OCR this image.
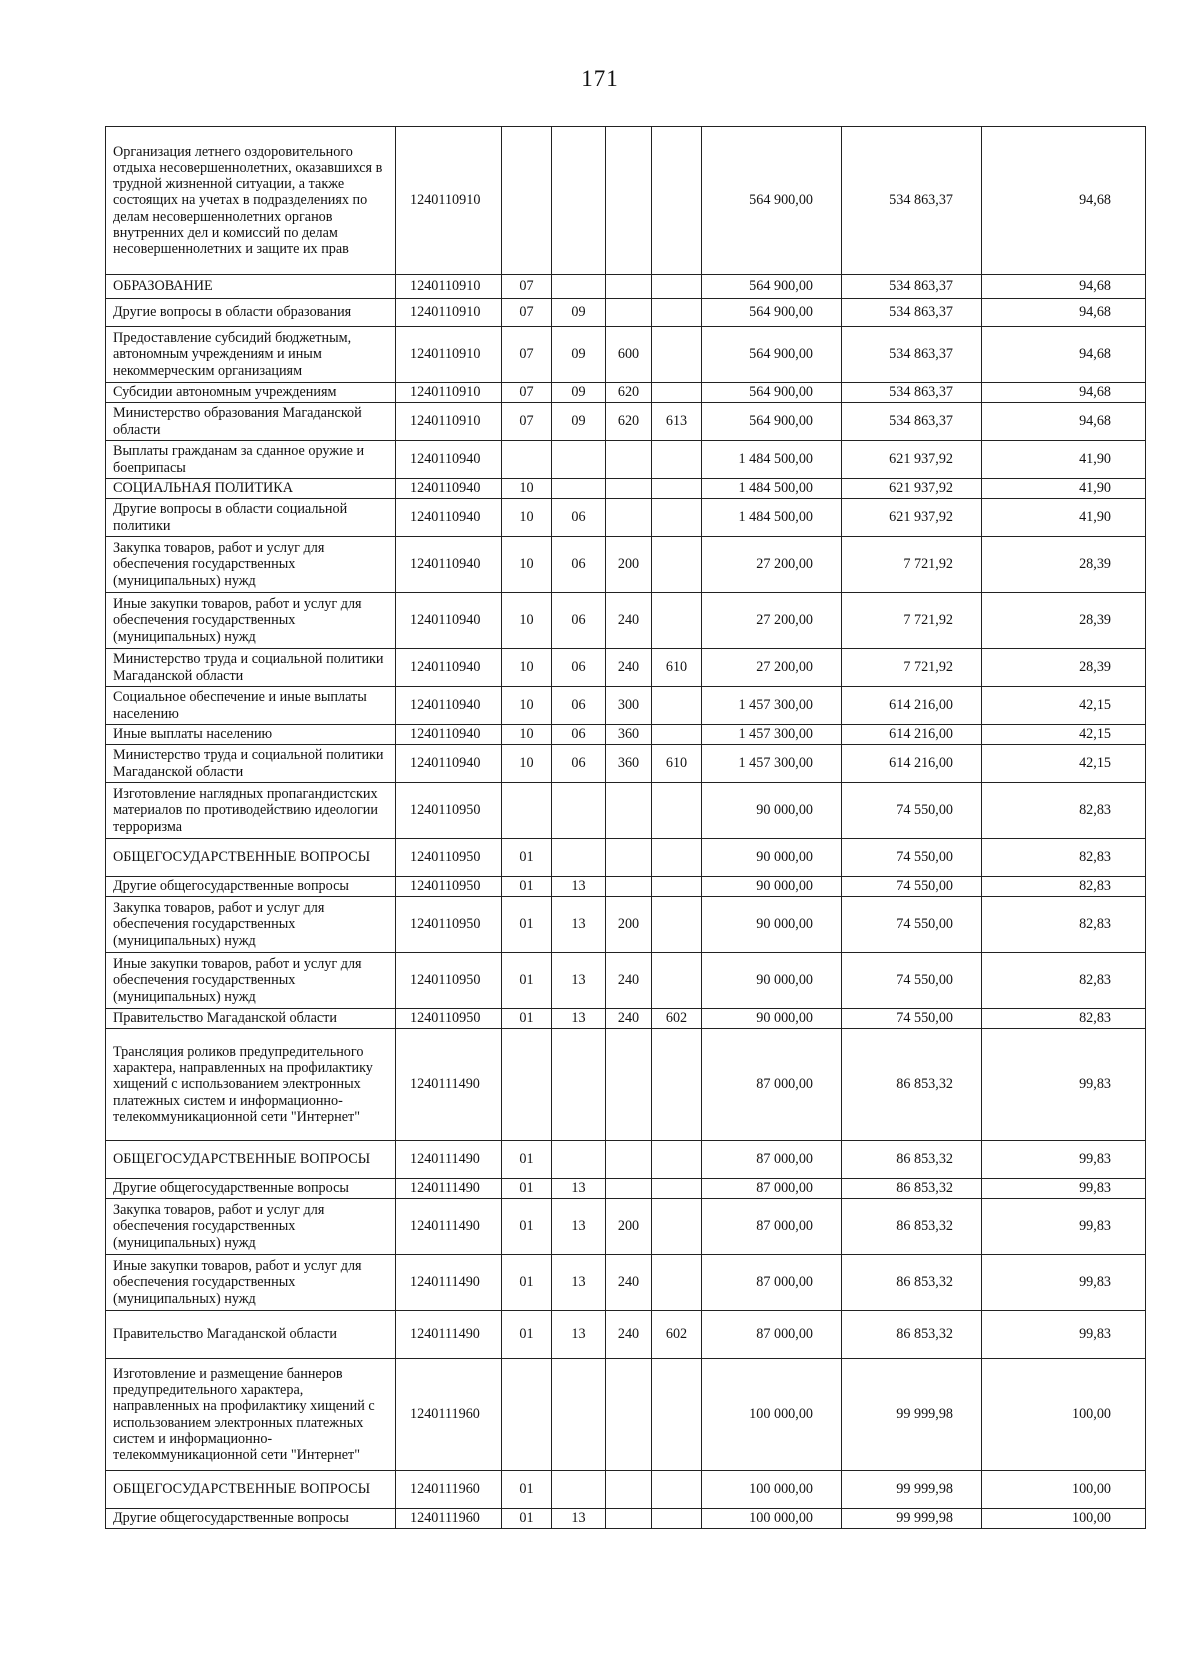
171
Организация летнего оздоровительного отдыха несовершеннолетних, оказавшихся в трудной жизненной ситуации, а также состоящих на учетах в подразделениях по делам несовершеннолетних органов внутренних дел и комиссий по делам несовершеннолетних и защите их прав	1240110910					564 900,00	534 863,37	94,68
ОБРАЗОВАНИЕ	1240110910	07				564 900,00	534 863,37	94,68
Другие вопросы в области образования	1240110910	07	09			564 900,00	534 863,37	94,68
Предоставление субсидий бюджетным, автономным учреждениям и иным некоммерческим организациям	1240110910	07	09	600		564 900,00	534 863,37	94,68
Субсидии автономным учреждениям	1240110910	07	09	620		564 900,00	534 863,37	94,68
Министерство образования Магаданской области	1240110910	07	09	620	613	564 900,00	534 863,37	94,68
Выплаты гражданам за сданное оружие и боеприпасы	1240110940					1 484 500,00	621 937,92	41,90
СОЦИАЛЬНАЯ ПОЛИТИКА	1240110940	10				1 484 500,00	621 937,92	41,90
Другие вопросы в области социальной политики	1240110940	10	06			1 484 500,00	621 937,92	41,90
Закупка товаров, работ и услуг для обеспечения государственных (муниципальных) нужд	1240110940	10	06	200		27 200,00	7 721,92	28,39
Иные закупки товаров, работ и услуг для обеспечения государственных (муниципальных) нужд	1240110940	10	06	240		27 200,00	7 721,92	28,39
Министерство труда и социальной политики Магаданской области	1240110940	10	06	240	610	27 200,00	7 721,92	28,39
Социальное обеспечение и иные выплаты населению	1240110940	10	06	300		1 457 300,00	614 216,00	42,15
Иные выплаты населению	1240110940	10	06	360		1 457 300,00	614 216,00	42,15
Министерство труда и социальной политики Магаданской области	1240110940	10	06	360	610	1 457 300,00	614 216,00	42,15
Изготовление наглядных пропагандистских материалов по противодействию идеологии терроризма	1240110950					90 000,00	74 550,00	82,83
ОБЩЕГОСУДАРСТВЕННЫЕ ВОПРОСЫ	1240110950	01				90 000,00	74 550,00	82,83
Другие общегосударственные вопросы	1240110950	01	13			90 000,00	74 550,00	82,83
Закупка товаров, работ и услуг для обеспечения государственных (муниципальных) нужд	1240110950	01	13	200		90 000,00	74 550,00	82,83
Иные закупки товаров, работ и услуг для обеспечения государственных (муниципальных) нужд	1240110950	01	13	240		90 000,00	74 550,00	82,83
Правительство Магаданской области	1240110950	01	13	240	602	90 000,00	74 550,00	82,83
Трансляция роликов предупредительного характера, направленных на профилактику хищений с использованием электронных платежных систем и информационно-телекоммуникационной сети "Интернет"	1240111490					87 000,00	86 853,32	99,83
ОБЩЕГОСУДАРСТВЕННЫЕ ВОПРОСЫ	1240111490	01				87 000,00	86 853,32	99,83
Другие общегосударственные вопросы	1240111490	01	13			87 000,00	86 853,32	99,83
Закупка товаров, работ и услуг для обеспечения государственных (муниципальных) нужд	1240111490	01	13	200		87 000,00	86 853,32	99,83
Иные закупки товаров, работ и услуг для обеспечения государственных (муниципальных) нужд	1240111490	01	13	240		87 000,00	86 853,32	99,83
Правительство Магаданской области	1240111490	01	13	240	602	87 000,00	86 853,32	99,83
Изготовление и размещение баннеров предупредительного характера, направленных на профилактику хищений с использованием электронных платежных систем и информационно-телекоммуникационной сети "Интернет"	1240111960					100 000,00	99 999,98	100,00
ОБЩЕГОСУДАРСТВЕННЫЕ ВОПРОСЫ	1240111960	01				100 000,00	99 999,98	100,00
Другие общегосударственные вопросы	1240111960	01	13			100 000,00	99 999,98	100,00
